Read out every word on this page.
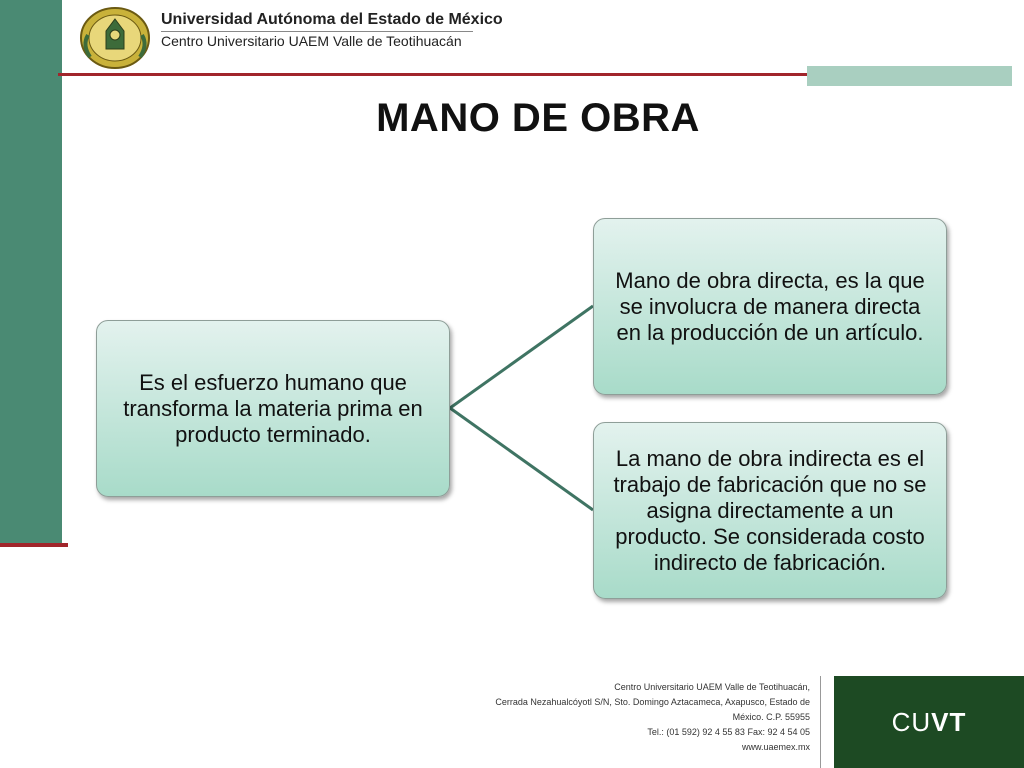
Universidad Autónoma del Estado de México
Centro Universitario UAEM Valle de Teotihuacán
MANO DE OBRA
Es el esfuerzo humano que transforma la materia prima en producto terminado.
Mano de obra directa, es la que se involucra de manera directa en la producción de un artículo.
La mano de obra indirecta es el trabajo de fabricación que no se asigna directamente a un producto. Se considerada costo indirecto de fabricación.
Centro Universitario UAEM Valle de Teotihuacán,
Cerrada Nezahualcóyotl S/N, Sto. Domingo Aztacameca, Axapusco, Estado de
México. C.P. 55955
Tel.: (01 592) 92 4 55 83 Fax: 92 4 54 05
www.uaemex.mx
CU VT
